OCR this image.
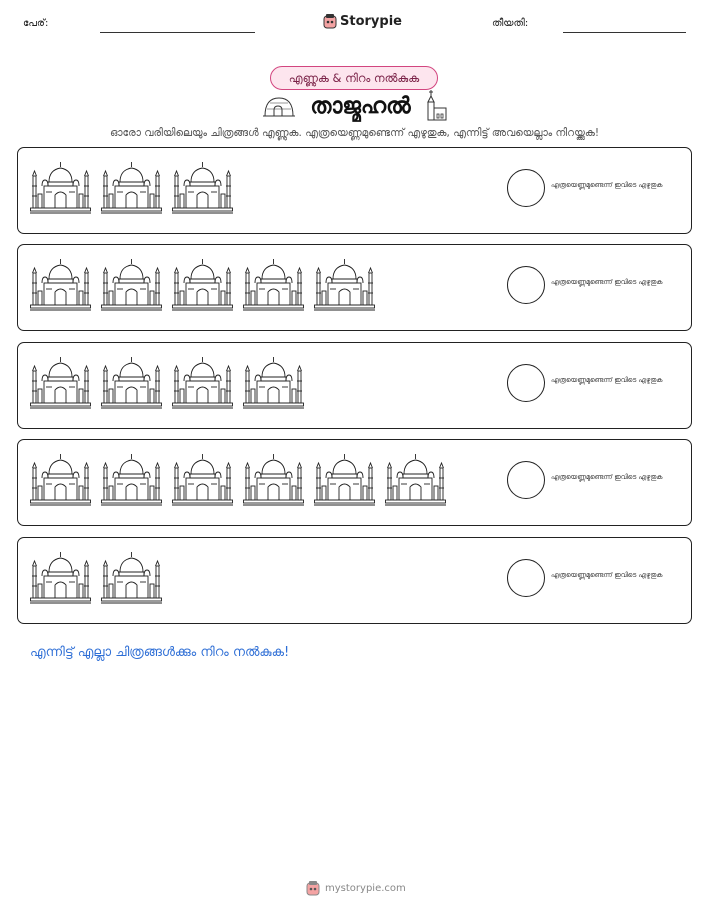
പേര്:	Storypie	തീയതി:
എണ്ണുക & നിറം നൽകുക
താജ്മഹൽ
ഓരോ വരിയിലെയും ചിത്രങ്ങൾ എണ്ണുക. എത്രയെണ്ണമുണ്ടെന്ന് എഴുതുക, എന്നിട്ട് അവയെല്ലാം നിറയ്ക്കുക!
എത്രയെണ്ണമുണ്ടെന്ന് ഇവിടെ എഴുതുക
എത്രയെണ്ണമുണ്ടെന്ന് ഇവിടെ എഴുതുക
എത്രയെണ്ണമുണ്ടെന്ന് ഇവിടെ എഴുതുക
എത്രയെണ്ണമുണ്ടെന്ന് ഇവിടെ എഴുതുക
എത്രയെണ്ണമുണ്ടെന്ന് ഇവിടെ എഴുതുക
എന്നിട്ട് എല്ലാ ചിത്രങ്ങൾക്കും നിറം നൽകുക!
mystorypie.com
